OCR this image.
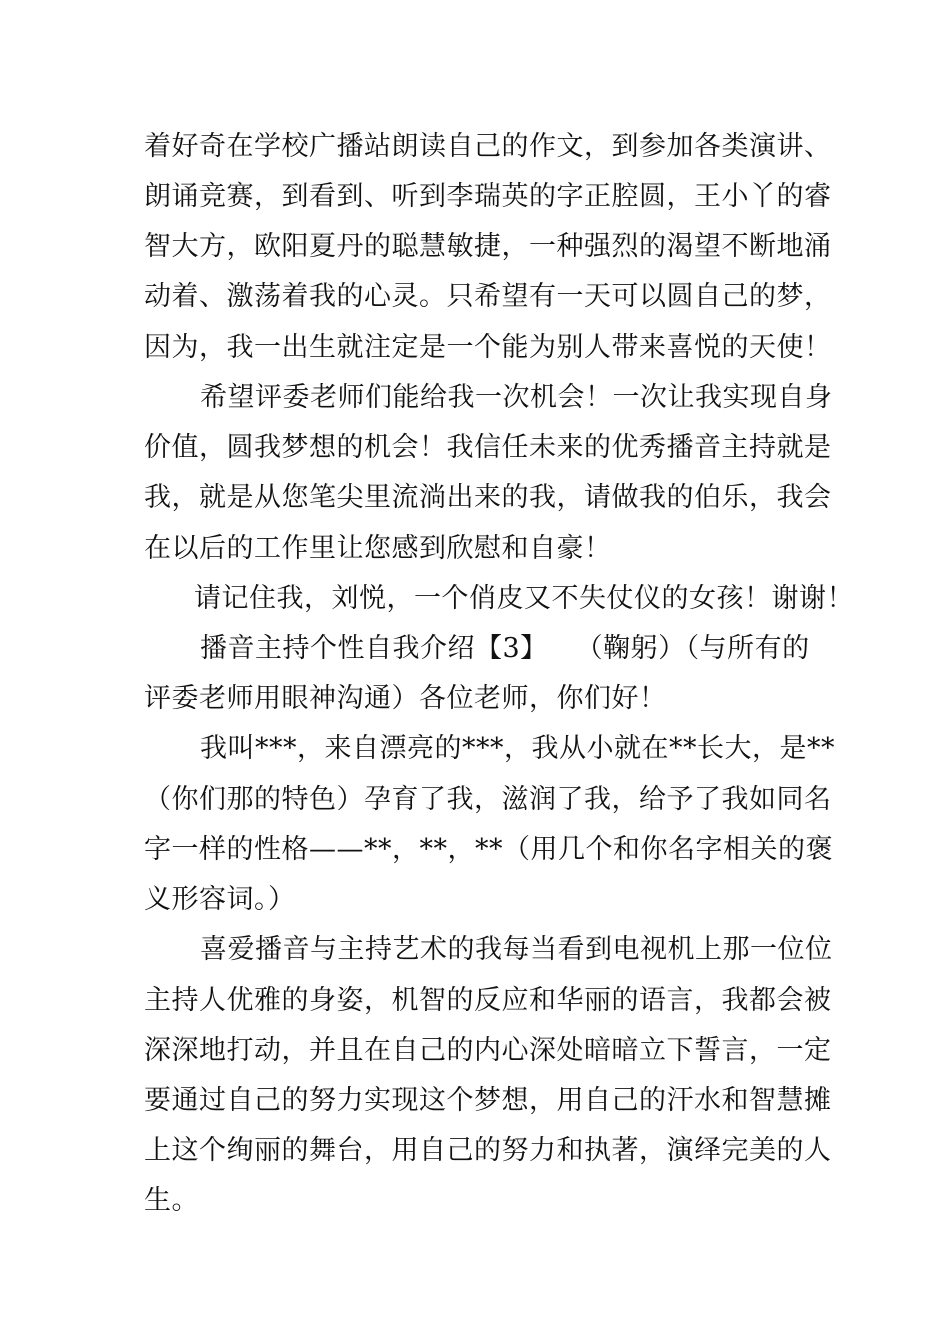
着好奇在学校广播站朗读自己的作文，到参加各类演讲、
朗诵竞赛，到看到、听到李瑞英的字正腔圆，王小丫的睿
智大方，欧阳夏丹的聪慧敏捷，一种强烈的渴望不断地涌
动着、激荡着我的心灵。只希望有一天可以圆自己的梦，
因为，我一出生就注定是一个能为别人带来喜悦的天使！
希望评委老师们能给我一次机会！一次让我实现自身
价值，圆我梦想的机会！我信任未来的优秀播音主持就是
我，就是从您笔尖里流淌出来的我，请做我的伯乐，我会
在以后的工作里让您感到欣慰和自豪！
请记住我，刘悦，一个俏皮又不失仗仪的女孩！谢谢！
播音主持个性自我介绍【3】　　（鞠躬）（与所有的
评委老师用眼神沟通）各位老师，你们好！
我叫***，来自漂亮的***，我从小就在**长大，是**
（你们那的特色）孕育了我，滋润了我，给予了我如同名
字一样的性格——**，**，**（用几个和你名字相关的褒
义形容词。）
喜爱播音与主持艺术的我每当看到电视机上那一位位
主持人优雅的身姿，机智的反应和华丽的语言，我都会被
深深地打动，并且在自己的内心深处暗暗立下誓言，一定
要通过自己的努力实现这个梦想，用自己的汗水和智慧摊
上这个绚丽的舞台，用自己的努力和执著，演绎完美的人
生。
